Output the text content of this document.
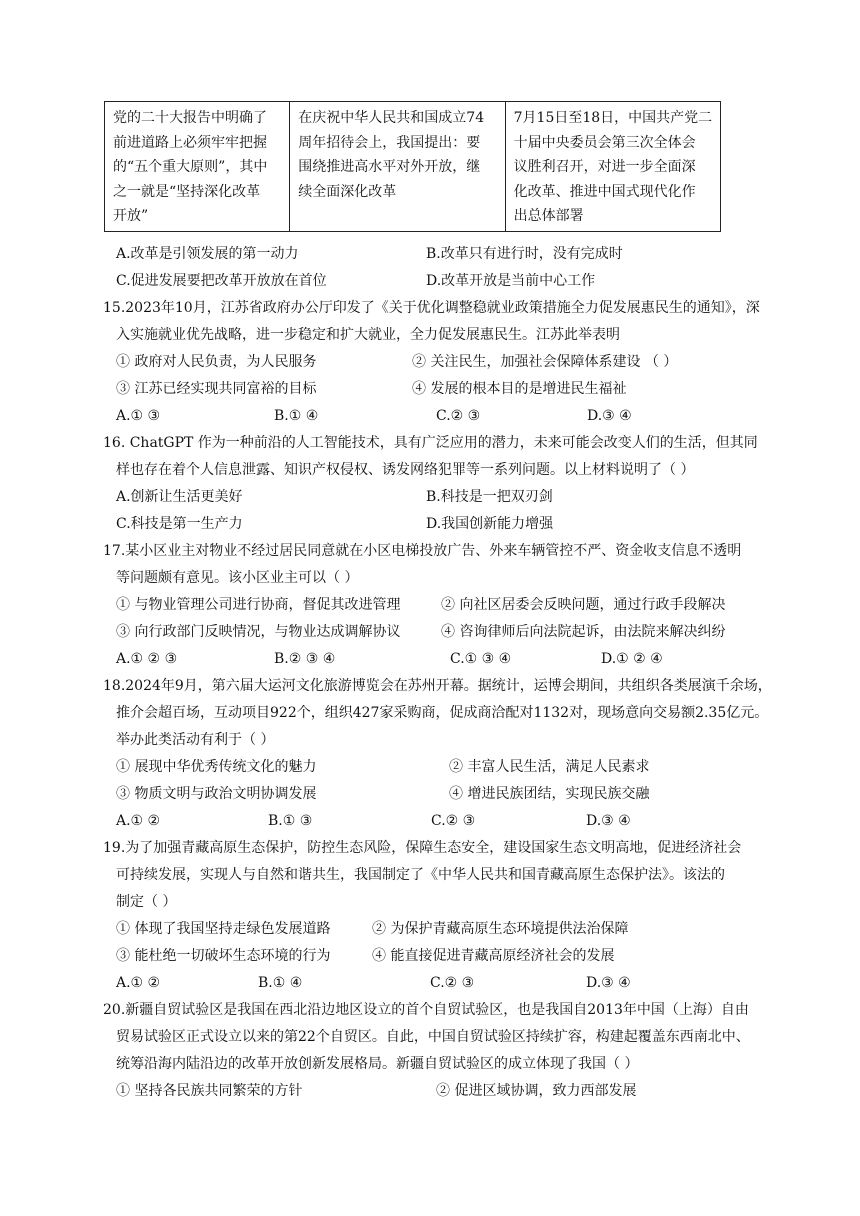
党的二十大报告中明确了
前进道路上必须牢牢把握
的“五个重大原则”，其中
之一就是“坚持深化改革
开放”

在庆祝中华人民共和国成立74
周年招待会上，我国提出：要
围绕推进高水平对外开放，继
续全面深化改革

7月15日至18日，中国共产党二
十届中央委员会第三次全体会
议胜利召开，对进一步全面深
化改革、推进中国式现代化作
出总体部署
A.改革是引领发展的第一动力	B.改革只有进行时，没有完成时
C.促进发展要把改革开放放在首位	D.改革开放是当前中心工作
15.2023年10月，江苏省政府办公厅印发了《关于优化调整稳就业政策措施全力促发展惠民生的通知》，深
入实施就业优先战略，进一步稳定和扩大就业，全力促发展惠民生。江苏此举表明
① 政府对人民负责，为人民服务	② 关注民生，加强社会保障体系建设 （ ）
③ 江苏已经实现共同富裕的目标	④ 发展的根本目的是增进民生福祉
A.① ③	B.① ④	C.② ③	D.③ ④
16. ChatGPT 作为一种前沿的人工智能技术，具有广泛应用的潜力，未来可能会改变人们的生活，但其同
样也存在着个人信息泄露、知识产权侵权、诱发网络犯罪等一系列问题。以上材料说明了（ ）
A.创新让生活更美好	B.科技是一把双刃剑
C.科技是第一生产力	D.我国创新能力增强
17.某小区业主对物业不经过居民同意就在小区电梯投放广告、外来车辆管控不严、资金收支信息不透明
等问题颇有意见。该小区业主可以（ ）
① 与物业管理公司进行协商，督促其改进管理	② 向社区居委会反映问题，通过行政手段解决
③ 向行政部门反映情况，与物业达成调解协议	④ 咨询律师后向法院起诉，由法院来解决纠纷
A.① ② ③	B.② ③ ④	C.① ③ ④	D.① ② ④
18.2024年9月，第六届大运河文化旅游博览会在苏州开幕。据统计，运博会期间，共组织各类展演千余场，
推介会超百场，互动项目922个，组织427家采购商，促成商洽配对1132对，现场意向交易额2.35亿元。
举办此类活动有利于（ ）
① 展现中华优秀传统文化的魅力	② 丰富人民生活，满足人民素求
③ 物质文明与政治文明协调发展	④ 增进民族团结，实现民族交融
A.① ②	B.① ③	C.② ③	D.③ ④
19.为了加强青藏高原生态保护，防控生态风险，保障生态安全，建设国家生态文明高地，促进经济社会
可持续发展，实现人与自然和谐共生，我国制定了《中华人民共和国青藏高原生态保护法》。该法的
制定（ ）
① 体现了我国坚持走绿色发展道路	② 为保护青藏高原生态环境提供法治保障
③ 能杜绝一切破坏生态环境的行为	④ 能直接促进青藏高原经济社会的发展
A.① ②	B.① ④	C.② ③	D.③ ④
20.新疆自贸试验区是我国在西北沿边地区设立的首个自贸试验区，也是我国自2013年中国（上海）自由
贸易试验区正式设立以来的第22个自贸区。自此，中国自贸试验区持续扩容，构建起覆盖东西南北中、
统筹沿海内陆沿边的改革开放创新发展格局。新疆自贸试验区的成立体现了我国（ ）
① 坚持各民族共同繁荣的方针	② 促进区域协调，致力西部发展
